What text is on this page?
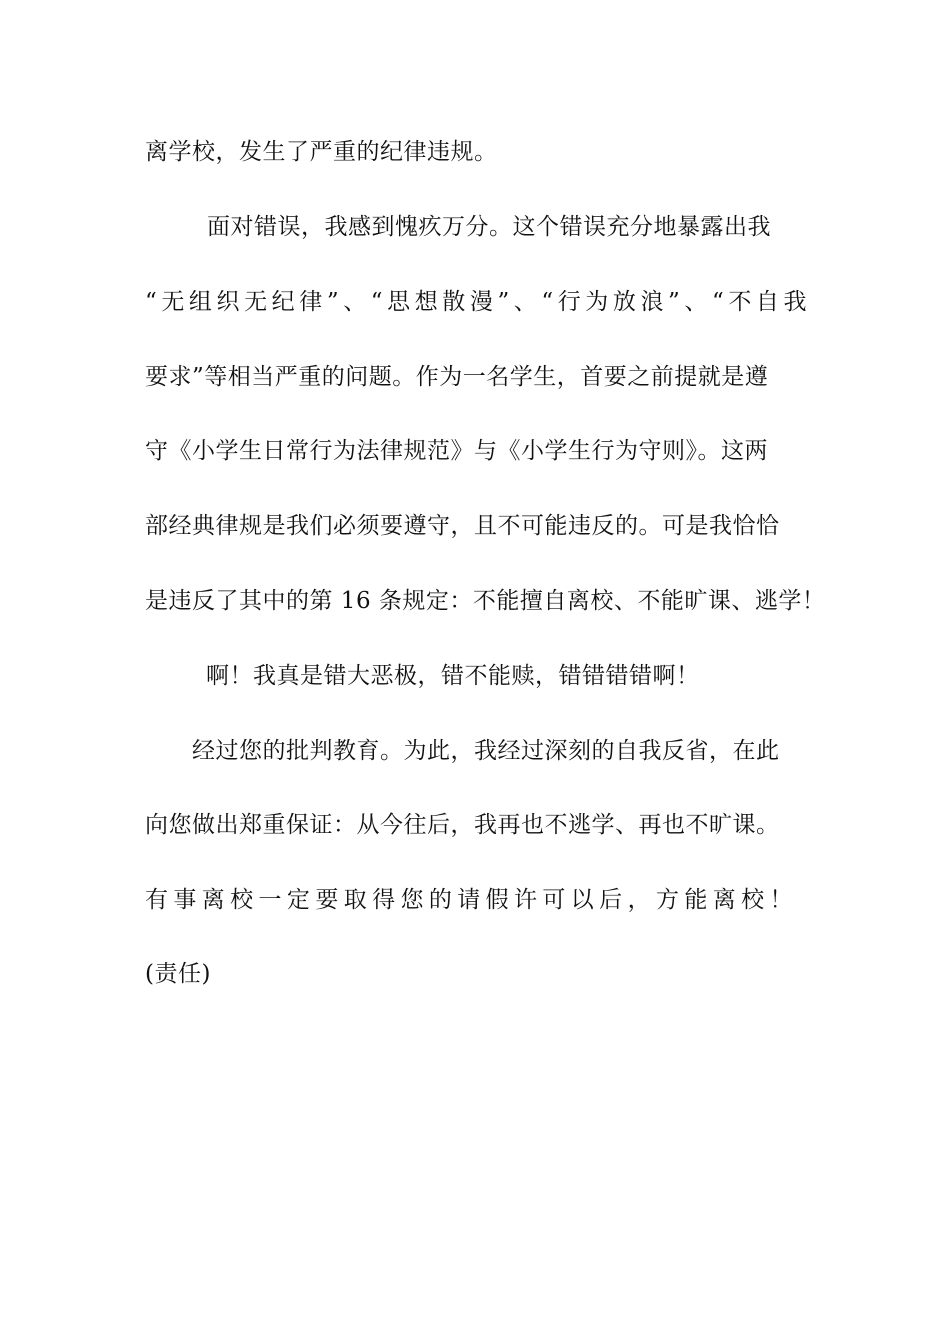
离学校，发生了严重的纪律违规。
面对错误，我感到愧疚万分。这个错误充分地暴露出我
“无组织无纪律”、“思想散漫”、“行为放浪”、“不自我
要求”等相当严重的问题。作为一名学生，首要之前提就是遵
守《小学生日常行为法律规范》与《小学生行为守则》。这两
部经典律规是我们必须要遵守，且不可能违反的。可是我恰恰
是违反了其中的第 16 条规定：不能擅自离校、不能旷课、逃学！
啊！我真是错大恶极，错不能赎，错错错错啊！
经过您的批判教育。为此，我经过深刻的自我反省，在此
向您做出郑重保证：从今往后，我再也不逃学、再也不旷课。
有事离校一定要取得您的请假许可以后，方能离校！
(责任)
